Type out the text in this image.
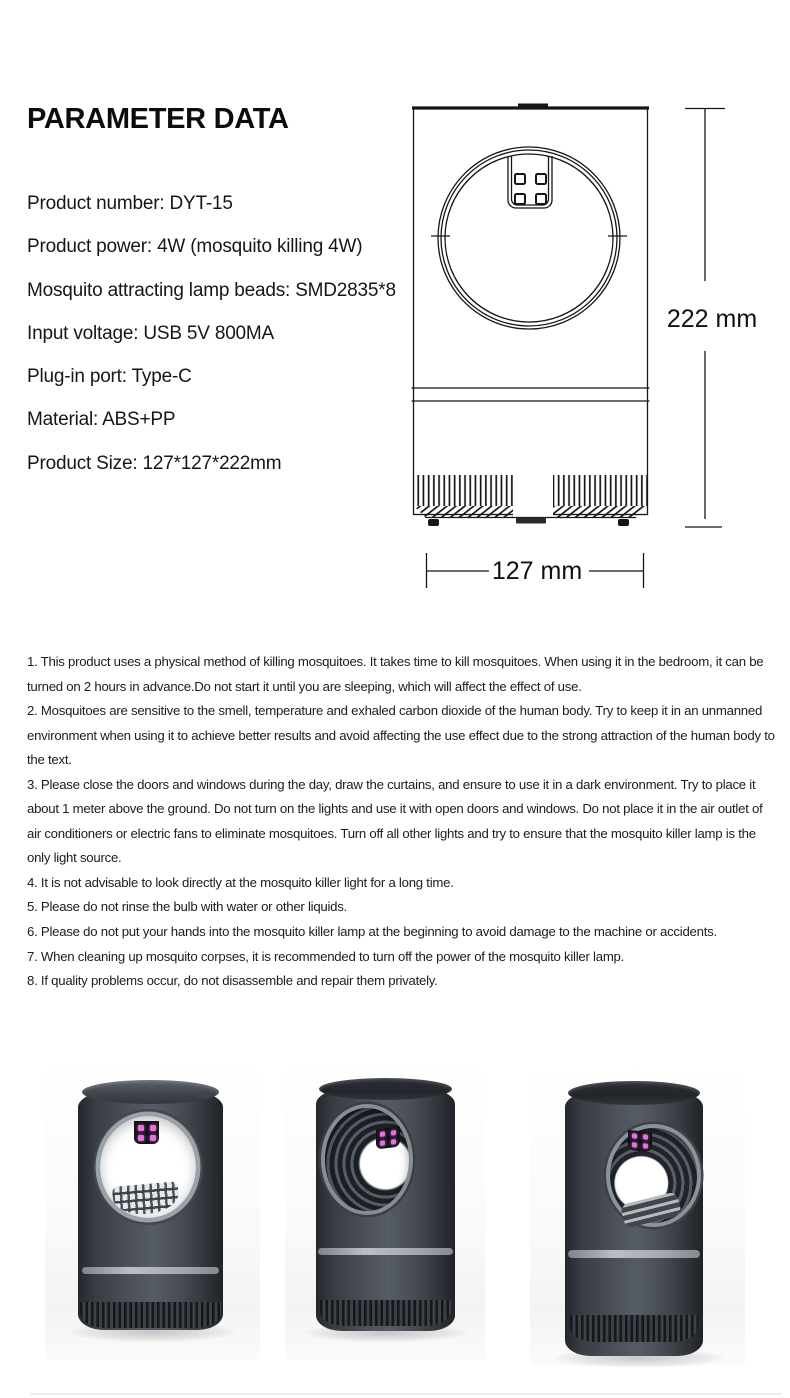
PARAMETER DATA
Product number: DYT-15
Product power: 4W (mosquito killing 4W)
Mosquito attracting lamp beads: SMD2835*8
Input voltage: USB 5V 800MA
Plug-in port: Type-C
Material: ABS+PP
Product Size: 127*127*222mm
222 mm
127 mm

1. This product uses a physical method of killing mosquitoes. It takes time to kill mosquitoes. When using it in the bedroom, it can be turned on 2 hours in advance.Do not start it until you are sleeping, which will affect the effect of use.

2. Mosquitoes are sensitive to the smell, temperature and exhaled carbon dioxide of the human body. Try to keep it in an unmanned environment when using it to achieve better results and avoid affecting the use effect due to the strong attraction of the human body to the text.

3. Please close the doors and windows during the day, draw the curtains, and ensure to use it in a dark environment. Try to place it about 1 meter above the ground. Do not turn on the lights and use it with open doors and windows. Do not place it in the air outlet of air conditioners or electric fans to eliminate mosquitoes. Turn off all other lights and try to ensure that the mosquito killer lamp is the only light source.

4. It is not advisable to look directly at the mosquito killer light for a long time.

5. Please do not rinse the bulb with water or other liquids.

6. Please do not put your hands into the mosquito killer lamp at the beginning to avoid damage to the machine or accidents.

7. When cleaning up mosquito corpses, it is recommended to turn off the power of the mosquito killer lamp.

8. If quality problems occur, do not disassemble and repair them privately.
